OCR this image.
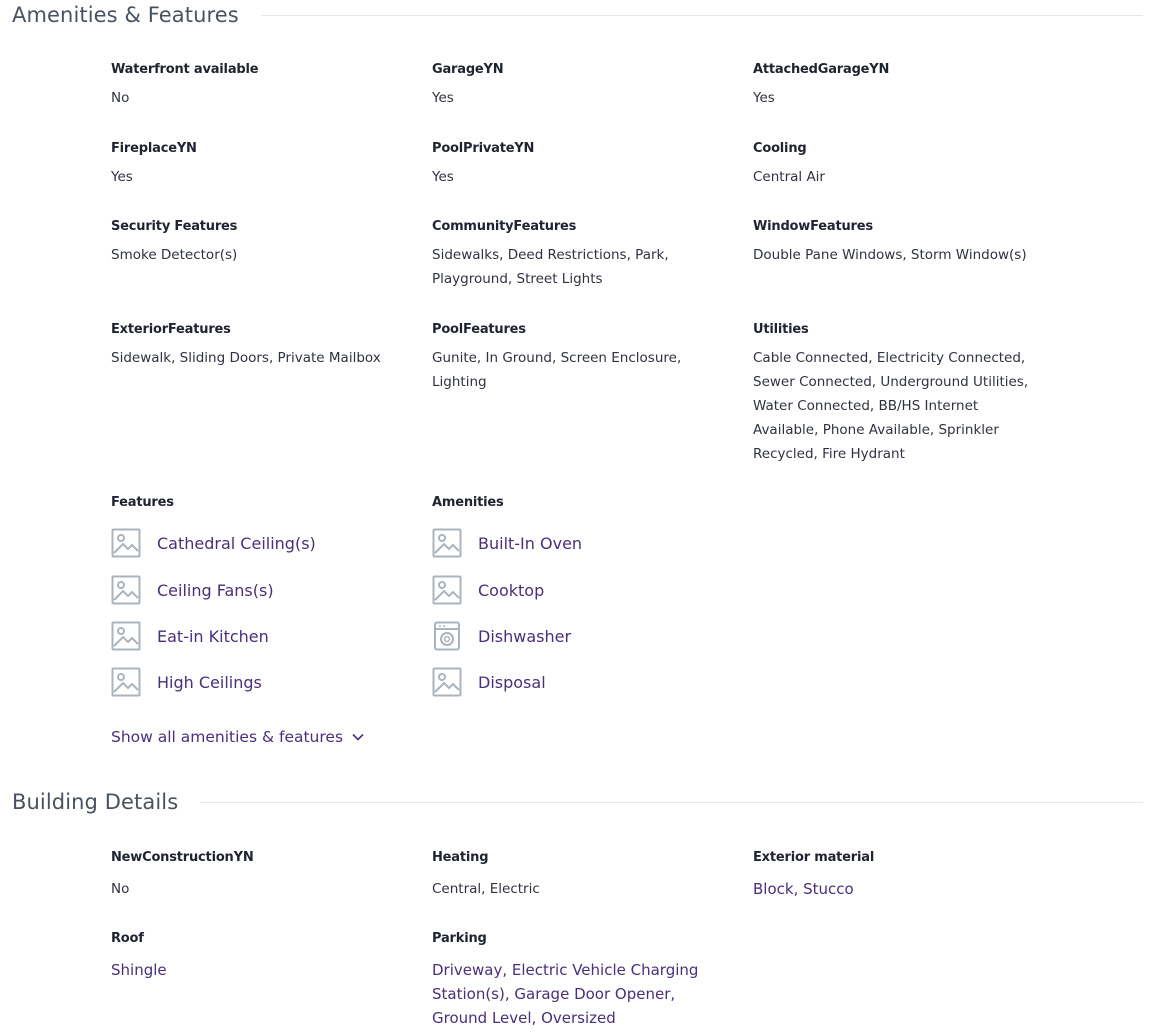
Amenities & Features
Waterfront available
No
GarageYN
Yes
AttachedGarageYN
Yes
FireplaceYN
Yes
PoolPrivateYN
Yes
Cooling
Central Air
Security Features
Smoke Detector(s)
CommunityFeatures
Sidewalks, Deed Restrictions, Park, Playground, Street Lights
WindowFeatures
Double Pane Windows, Storm Window(s)
ExteriorFeatures
Sidewalk, Sliding Doors, Private Mailbox
PoolFeatures
Gunite, In Ground, Screen Enclosure, Lighting
Utilities
Cable Connected, Electricity Connected, Sewer Connected, Underground Utilities, Water Connected, BB/HS Internet Available, Phone Available, Sprinkler Recycled, Fire Hydrant
Features	Amenities
Cathedral Ceiling(s)
Ceiling Fans(s)
Eat-in Kitchen
High Ceilings
Built-In Oven
Cooktop
Dishwasher
Disposal
Show all amenities & features
Building Details
NewConstructionYN
No
Heating
Central, Electric
Exterior material
Block, Stucco
Roof
Shingle
Parking
Driveway, Electric Vehicle Charging Station(s), Garage Door Opener, Ground Level, Oversized
